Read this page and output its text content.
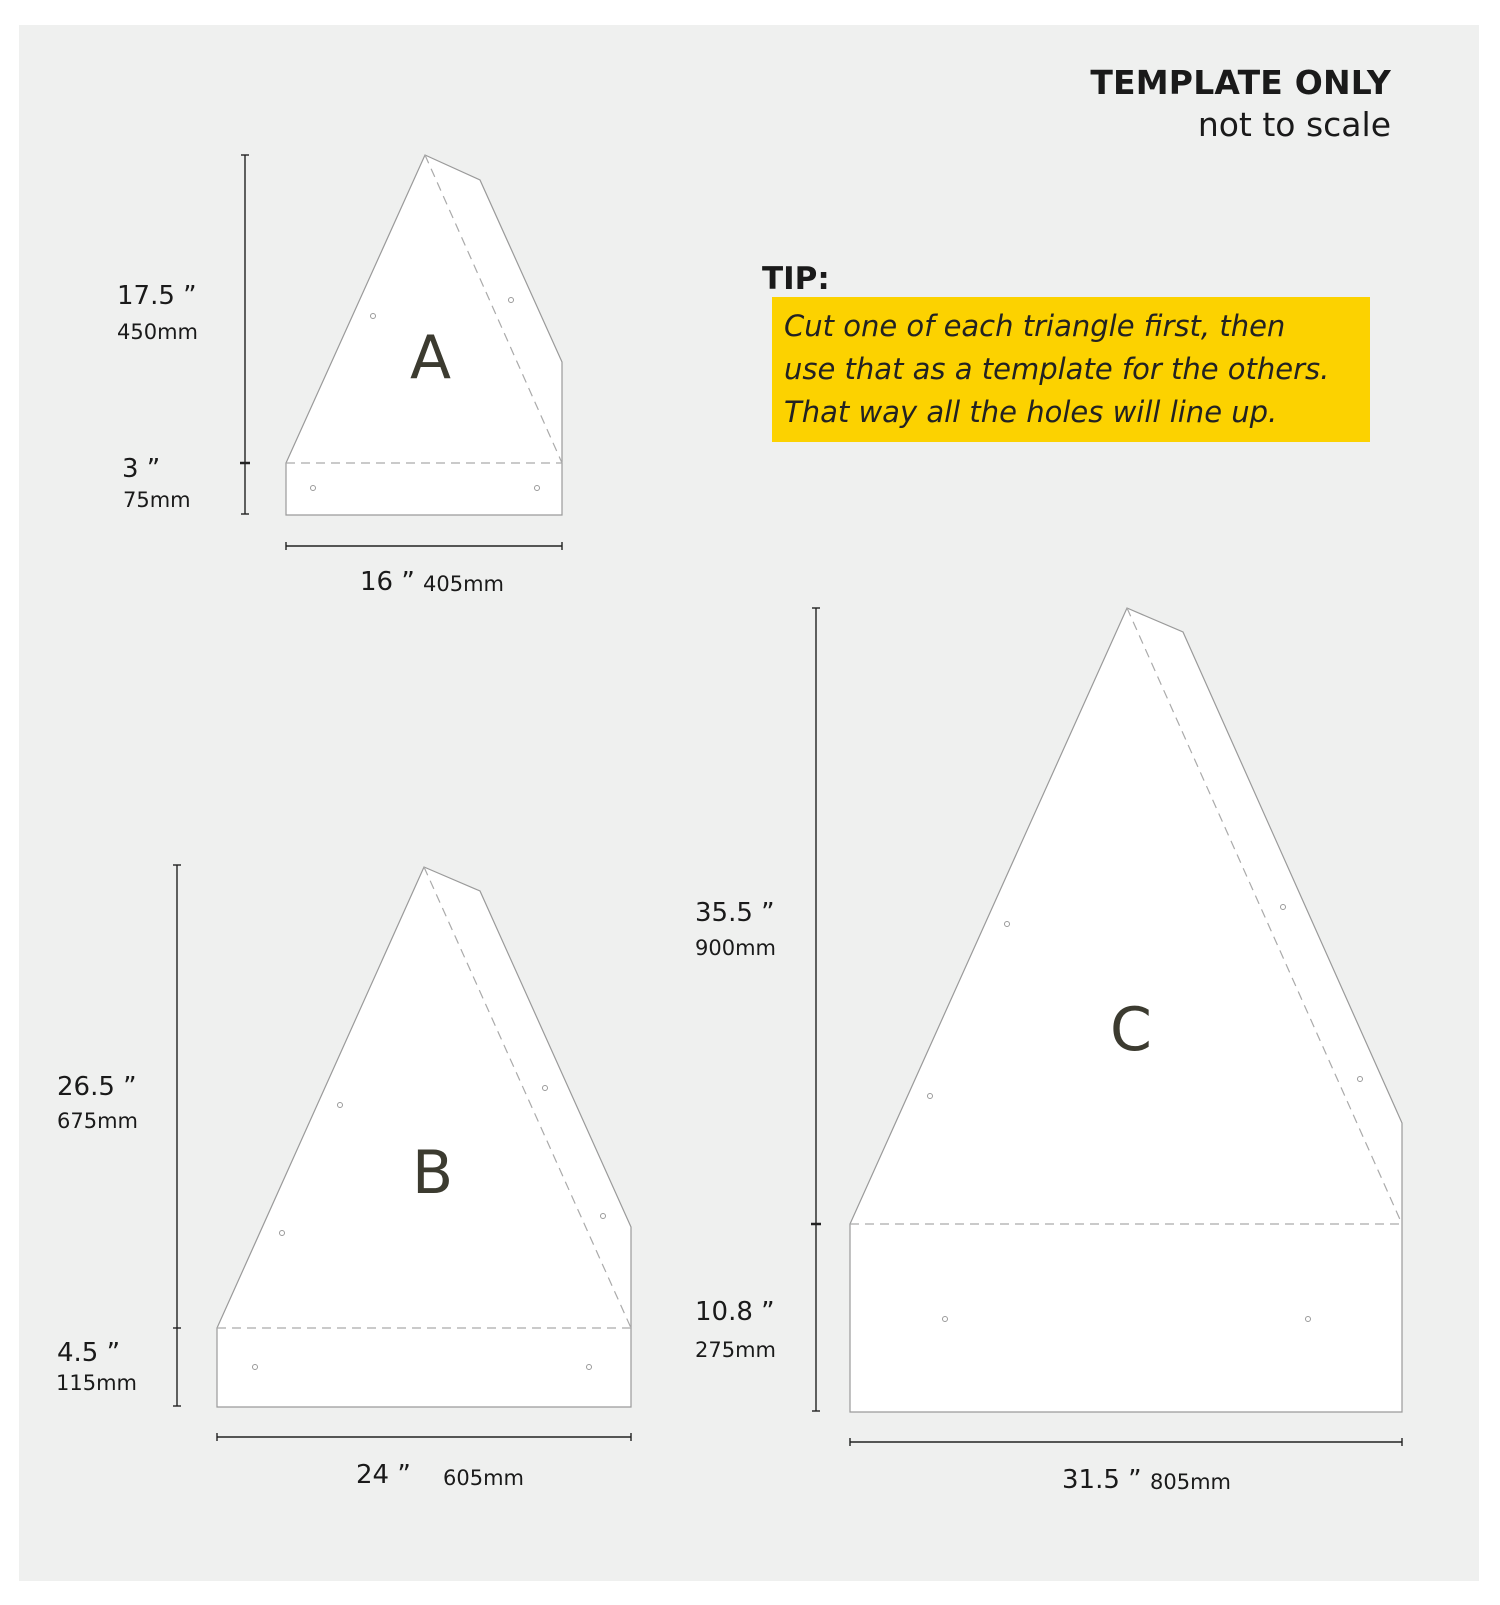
TEMPLATE ONLY
not to scale
TIP:
Cut one of each triangle first, then
use that as a template for the others.
That way all the holes will line up.
A
17.5 ”
450mm
3 ”
75mm
16 ” 405mm
B
26.5 ”
675mm
4.5 ”
115mm
24 ” 605mm
C
35.5 ”
900mm
10.8 ”
275mm
31.5 ” 805mm
